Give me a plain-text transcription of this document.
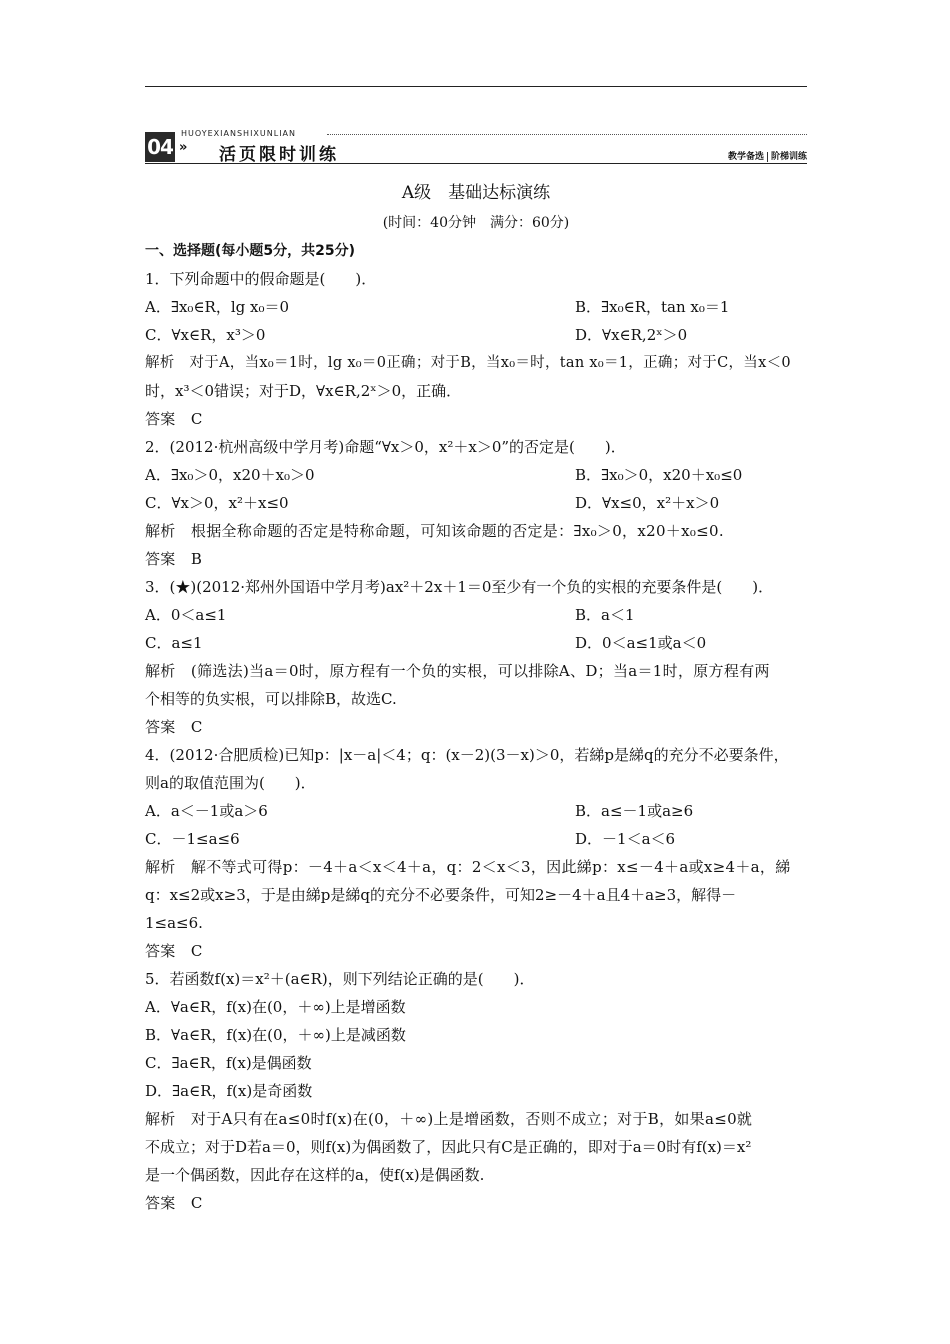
04
HUOYEXIANSHIXUNLIAN
» 活页限时训练	教学备选 阶梯训练
A级　基础达标演练
(时间：40分钟　满分：60分)
一、选择题(每小题5分，共25分)
1．下列命题中的假命题是(　　)．
A．∃x₀∈R，lg x₀＝0	B．∃x₀∈R，tan x₀＝1
C．∀x∈R，x³＞0	D．∀x∈R,2ˣ＞0
解析　对于A，当x₀＝1时，lg x₀＝0正确；对于B，当x₀＝时，tan x₀＝1，正确；对于C，当x＜0
时，x³＜0错误；对于D，∀x∈R,2ˣ＞0，正确．
答案　C
2．(2012·杭州高级中学月考)命题“∀x＞0，x²＋x＞0”的否定是(　　)．
A．∃x₀＞0，x20＋x₀＞0	B．∃x₀＞0，x20＋x₀≤0
C．∀x＞0，x²＋x≤0	D．∀x≤0，x²＋x＞0
解析　根据全称命题的否定是特称命题，可知该命题的否定是：∃x₀＞0，x20＋x₀≤0.
答案　B
3．(★)(2012·郑州外国语中学月考)ax²＋2x＋1＝0至少有一个负的实根的充要条件是(　　)．
A．0＜a≤1	B．a＜1
C．a≤1	D．0＜a≤1或a＜0
解析　(筛选法)当a＝0时，原方程有一个负的实根，可以排除A、D；当a＝1时，原方程有两
个相等的负实根，可以排除B，故选C.
答案　C
4．(2012·合肥质检)已知p：|x－a|＜4；q：(x－2)(3－x)＞0，若綈p是綈q的充分不必要条件，
则a的取值范围为(　　)．
A．a＜－1或a＞6	B．a≤－1或a≥6
C．－1≤a≤6	D．－1＜a＜6
解析　解不等式可得p：－4＋a＜x＜4＋a，q：2＜x＜3，因此綈p：x≤－4＋a或x≥4＋a，綈
q：x≤2或x≥3，于是由綈p是綈q的充分不必要条件，可知2≥－4＋a且4＋a≥3，解得－
1≤a≤6.
答案　C
5．若函数f(x)＝x²＋(a∈R)，则下列结论正确的是(　　)．
A．∀a∈R，f(x)在(0，＋∞)上是增函数
B．∀a∈R，f(x)在(0，＋∞)上是减函数
C．∃a∈R，f(x)是偶函数
D．∃a∈R，f(x)是奇函数
解析　对于A只有在a≤0时f(x)在(0，＋∞)上是增函数，否则不成立；对于B，如果a≤0就
不成立；对于D若a＝0，则f(x)为偶函数了，因此只有C是正确的，即对于a＝0时有f(x)＝x²
是一个偶函数，因此存在这样的a，使f(x)是偶函数.
答案　C
